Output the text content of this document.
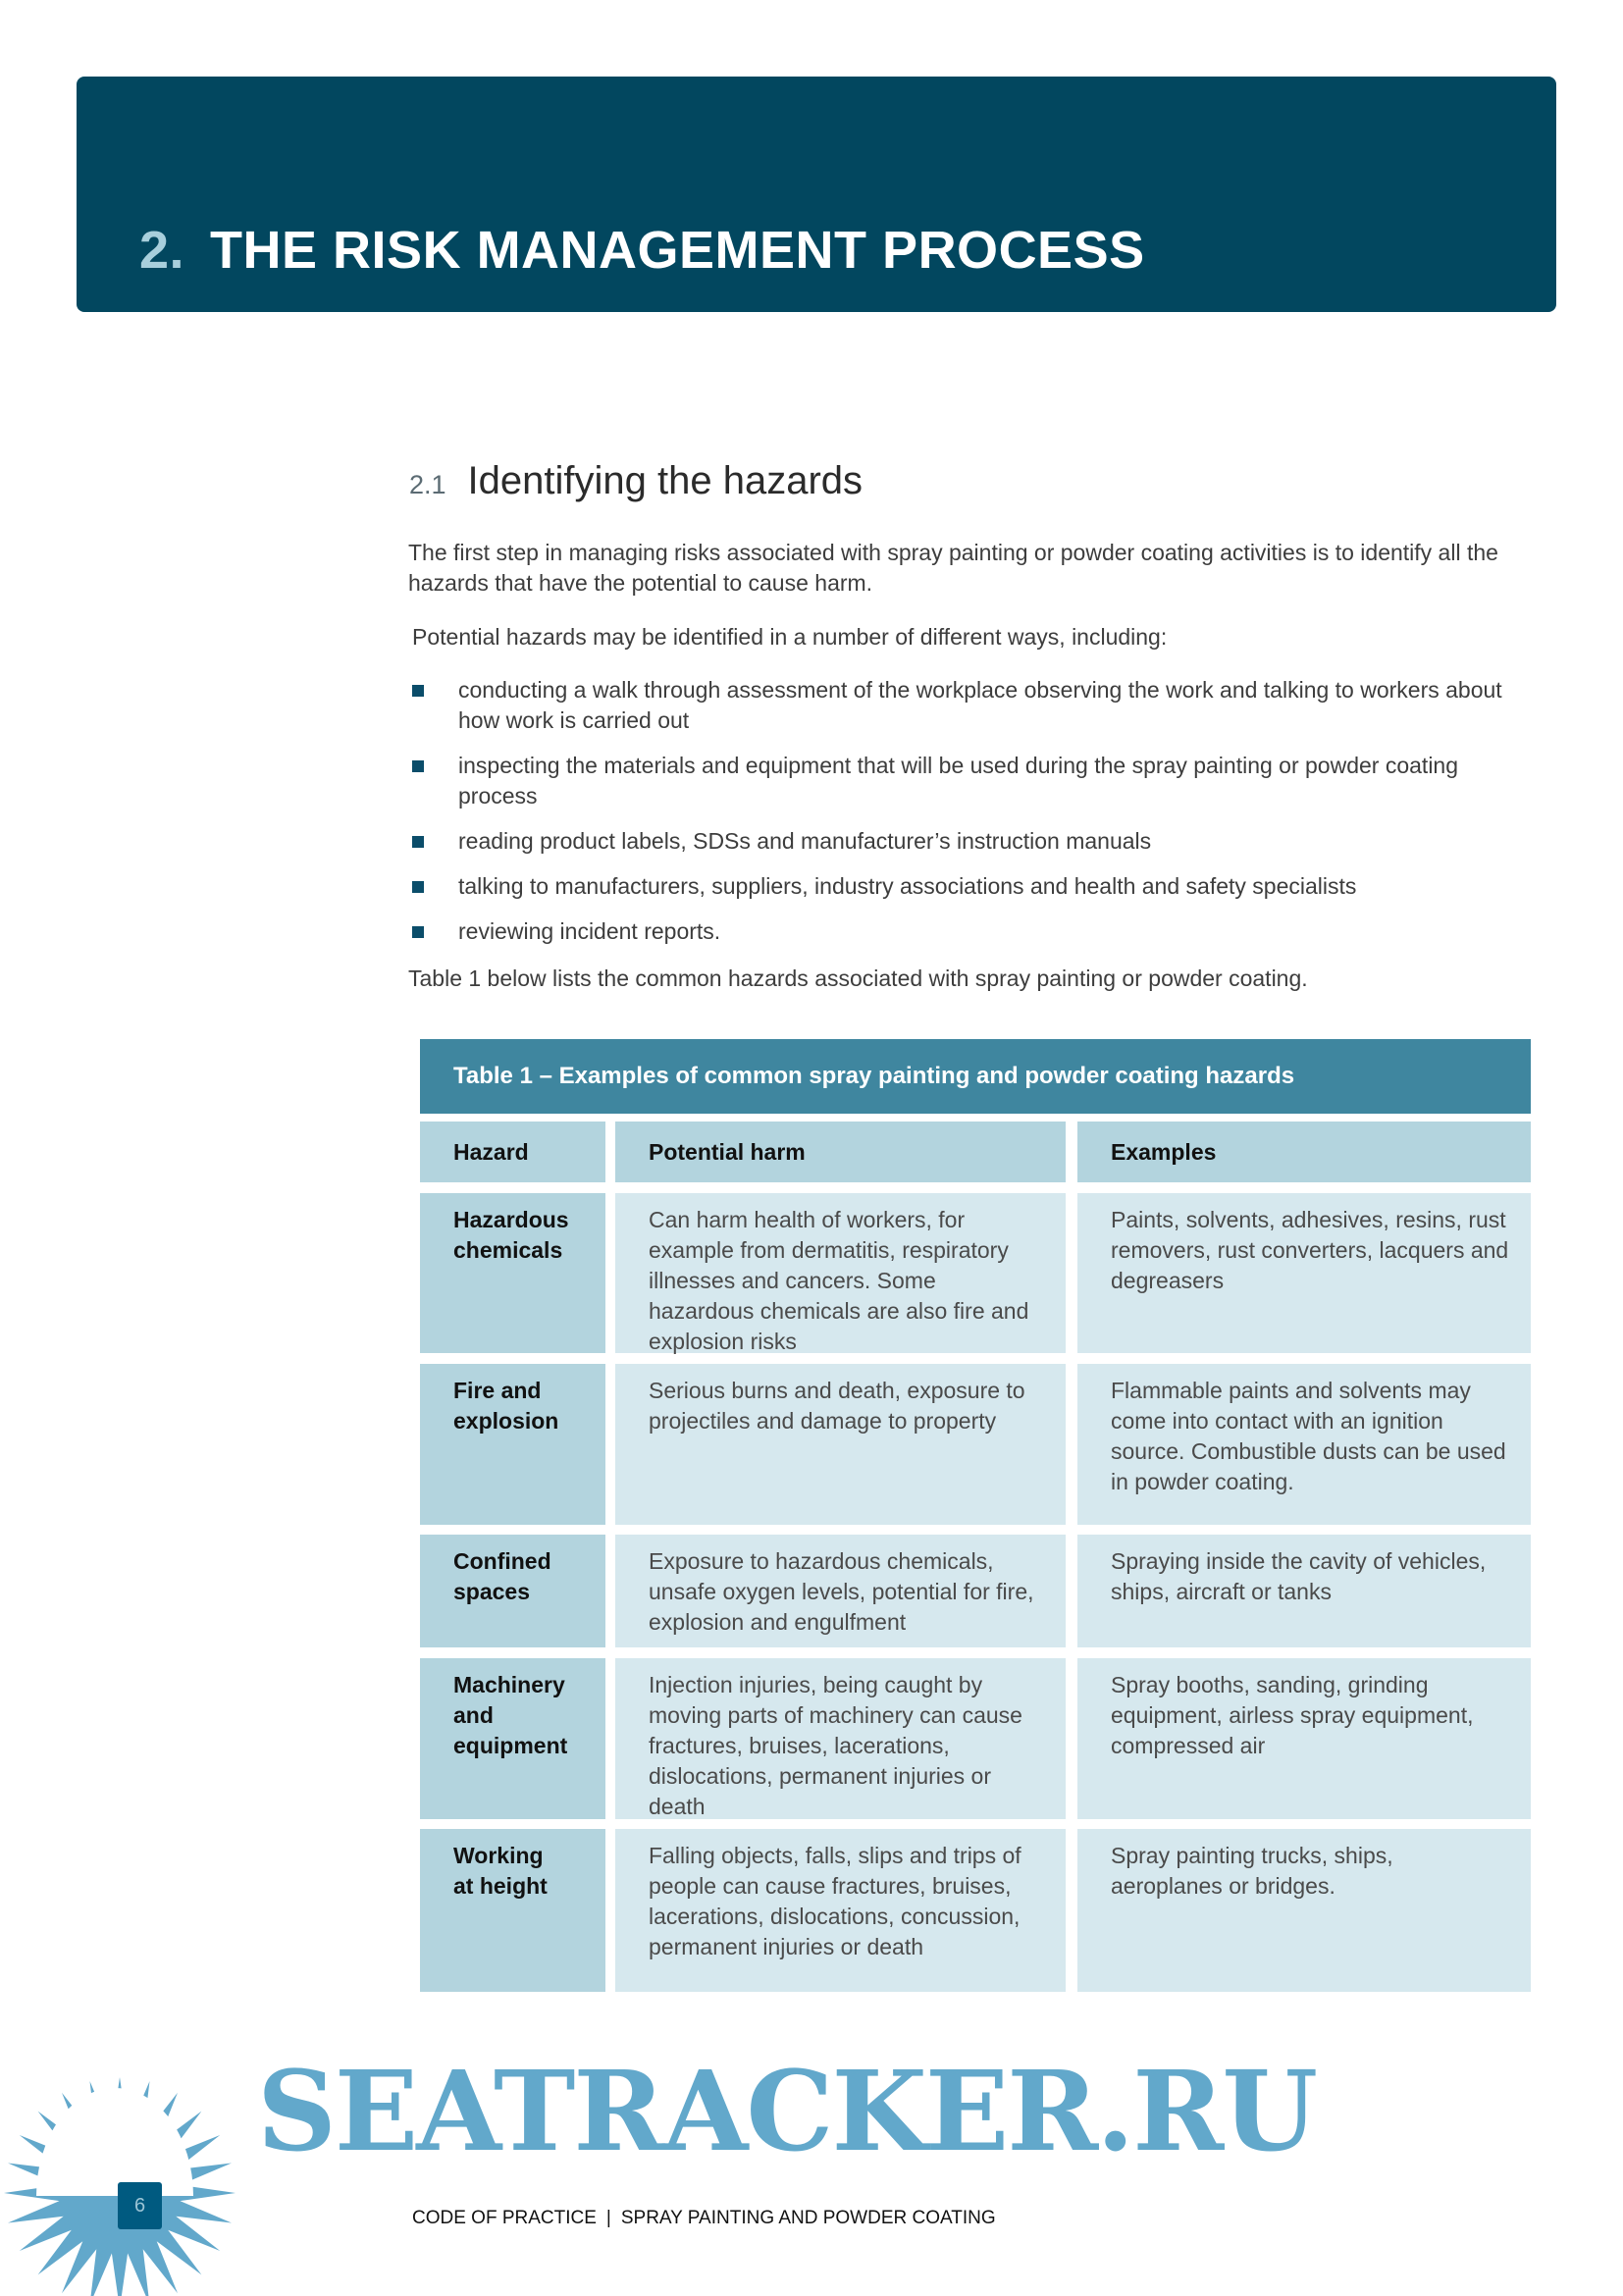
2. THE RISK MANAGEMENT PROCESS
2.1 Identifying the hazards
The first step in managing risks associated with spray painting or powder coating activities is to identify all the hazards that have the potential to cause harm.
Potential hazards may be identified in a number of different ways, including:
conducting a walk through assessment of the workplace observing the work and talking to workers about how work is carried out
inspecting the materials and equipment that will be used during the spray painting or powder coating process
reading product labels, SDSs and manufacturer’s instruction manuals
talking to manufacturers, suppliers, industry associations and health and safety specialists
reviewing incident reports.
Table 1 below lists the common hazards associated with spray painting or powder coating.
Table 1 – Examples of common spray painting and powder coating hazards
Hazard	Potential harm	Examples
Hazardous chemicals
Can harm health of workers, for example from dermatitis, respiratory illnesses and cancers. Some hazardous chemicals are also fire and explosion risks
Paints, solvents, adhesives, resins, rust removers, rust converters, lacquers and degreasers
Fire and explosion
Serious burns and death, exposure to projectiles and damage to property
Flammable paints and solvents may come into contact with an ignition source. Combustible dusts can be used in powder coating.
Confined spaces
Exposure to hazardous chemicals, unsafe oxygen levels, potential for fire, explosion and engulfment
Spraying inside the cavity of vehicles, ships, aircraft or tanks
Machinery and equipment
Injection injuries, being caught by moving parts of machinery can cause fractures, bruises, lacerations, dislocations, permanent injuries or death
Spray booths, sanding, grinding equipment, airless spray equipment, compressed air
Working at height
Falling objects, falls, slips and trips of people can cause fractures, bruises, lacerations, dislocations, concussion, permanent injuries or death
Spray painting trucks, ships, aeroplanes or bridges.
SEATRACKER.RU
6
CODE OF PRACTICE | SPRAY PAINTING AND POWDER COATING
